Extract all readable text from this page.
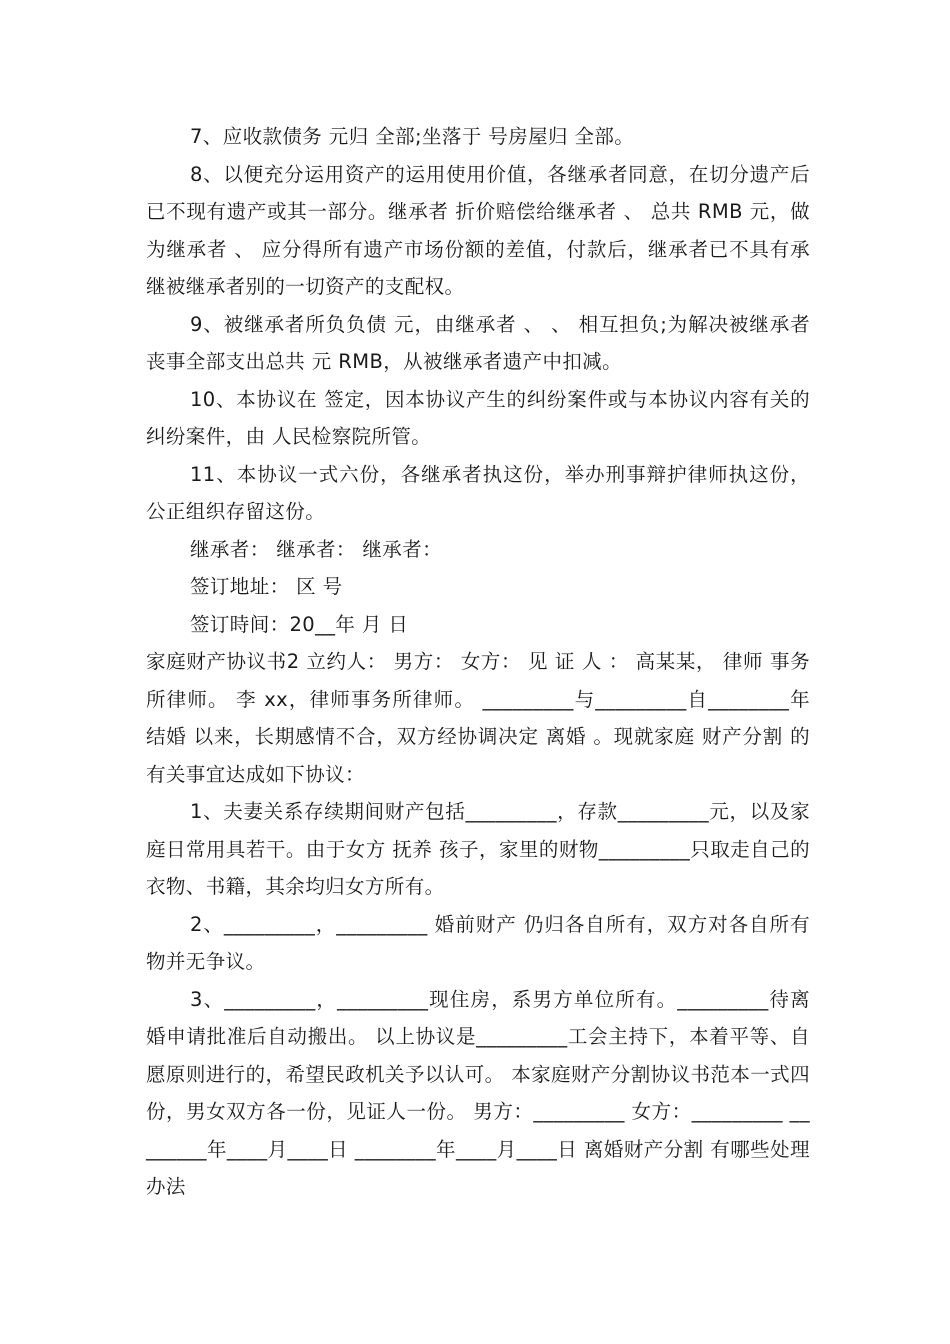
7、应收款债务 元归 全部;坐落于 号房屋归 全部。

8、以便充分运用资产的运用使用价值，各继承者同意，在切分遗产后已不现有遗产或其一部分。继承者 折价赔偿给继承者 、 总共 RMB 元，做为继承者 、 应分得所有遗产市场份额的差值，付款后，继承者已不具有承继被继承者别的一切资产的支配权。

9、被继承者所负负债 元，由继承者 、 、 相互担负;为解决被继承者丧事全部支出总共 元 RMB，从被继承者遗产中扣减。

10、本协议在 签定，因本协议产生的纠纷案件或与本协议内容有关的纠纷案件，由 人民检察院所管。

11、本协议一式六份，各继承者执这份，举办刑事辩护律师执这份，公正组织存留这份。

继承者： 继承者： 继承者：

签订地址： 区 号

签订時间：20__年 月 日

家庭财产协议书2 立约人： 男方： 女方： 见 证 人 ： 高某某， 律师 事务所律师。 李 xx，律师事务所律师。 _________与_________自________年 结婚 以来，长期感情不合，双方经协调决定 离婚 。现就家庭 财产分割 的有关事宜达成如下协议：

1、夫妻关系存续期间财产包括_________，存款_________元，以及家庭日常用具若干。由于女方 抚养 孩子，家里的财物_________只取走自己的衣物、书籍，其余均归女方所有。

2、_________，_________ 婚前财产 仍归各自所有，双方对各自所有物并无争议。

3、_________，_________现住房，系男方单位所有。_________待离婚申请批准后自动搬出。 以上协议是_________工会主持下，本着平等、自愿原则进行的，希望民政机关予以认可。 本家庭财产分割协议书范本一式四份，男女双方各一份，见证人一份。 男方：_________ 女方：_________ ________年____月____日 ________年____月____日 离婚财产分割 有哪些处理办法
